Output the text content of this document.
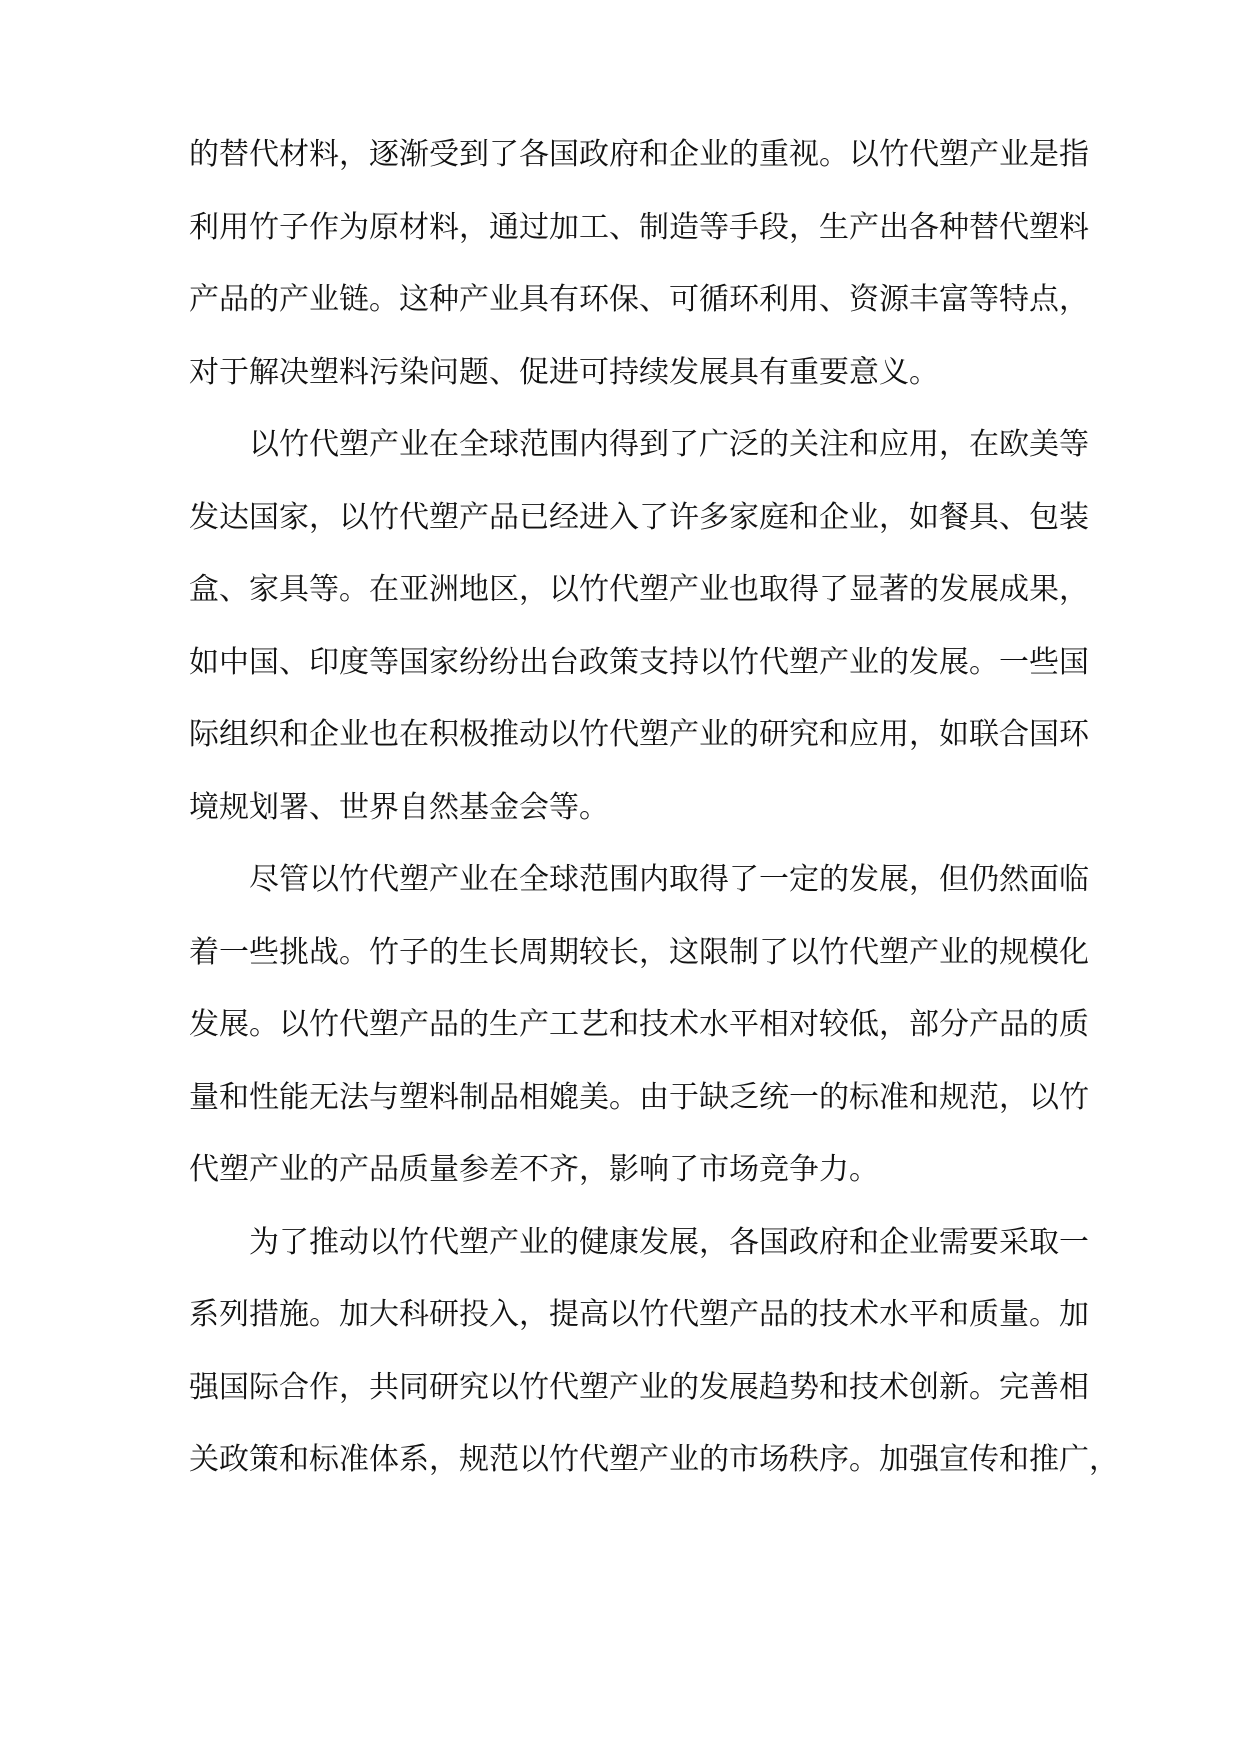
的替代材料，逐渐受到了各国政府和企业的重视。以竹代塑产业是指
利用竹子作为原材料，通过加工、制造等手段，生产出各种替代塑料
产品的产业链。这种产业具有环保、可循环利用、资源丰富等特点，
对于解决塑料污染问题、促进可持续发展具有重要意义。
以竹代塑产业在全球范围内得到了广泛的关注和应用，在欧美等
发达国家，以竹代塑产品已经进入了许多家庭和企业，如餐具、包装
盒、家具等。在亚洲地区，以竹代塑产业也取得了显著的发展成果，
如中国、印度等国家纷纷出台政策支持以竹代塑产业的发展。一些国
际组织和企业也在积极推动以竹代塑产业的研究和应用，如联合国环
境规划署、世界自然基金会等。
尽管以竹代塑产业在全球范围内取得了一定的发展，但仍然面临
着一些挑战。竹子的生长周期较长，这限制了以竹代塑产业的规模化
发展。以竹代塑产品的生产工艺和技术水平相对较低，部分产品的质
量和性能无法与塑料制品相媲美。由于缺乏统一的标准和规范，以竹
代塑产业的产品质量参差不齐，影响了市场竞争力。
为了推动以竹代塑产业的健康发展，各国政府和企业需要采取一
系列措施。加大科研投入，提高以竹代塑产品的技术水平和质量。加
强国际合作，共同研究以竹代塑产业的发展趋势和技术创新。完善相
关政策和标准体系，规范以竹代塑产业的市场秩序。加强宣传和推广，
